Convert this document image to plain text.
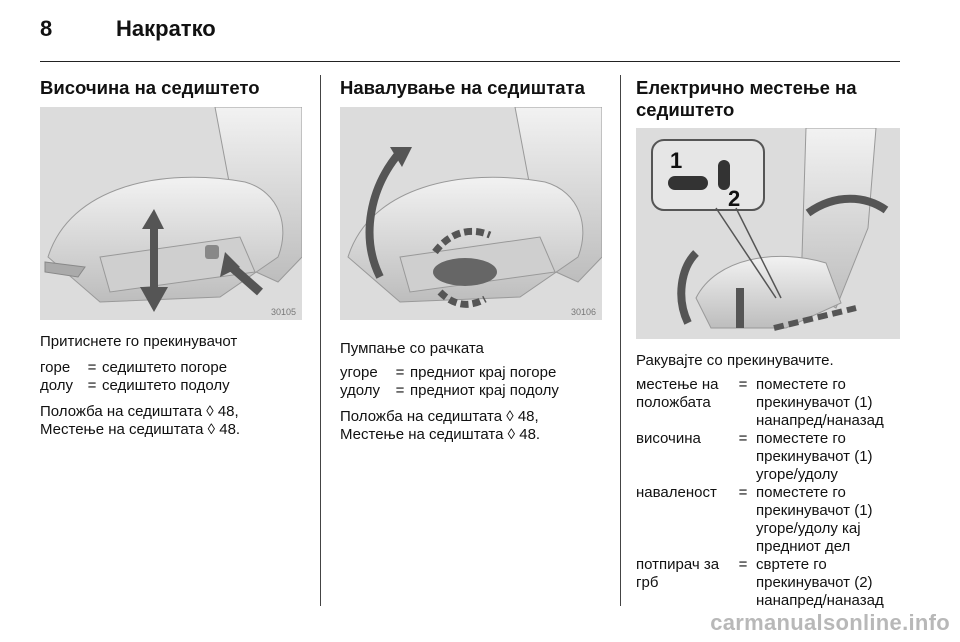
8	Накратко
Височина на седиштето
30105

Притиснете го прекинувачот

горе	=	седиштето погоре
долу	=	седиштето подолу

Положба на седиштата ◊ 48,

Местење на седиштата ◊ 48.

Навалување на седиштата
30106

Пумпање со рачката

угоре	=	предниот крај погоре
удолу	=	предниот крај подолу

Положба на седиштата ◊ 48,

Местење на седиштата ◊ 48.

Електрично местење на
седиштето
1
2

Ракувајте со прекинувачите.

местење на
положбата	=	поместете го
прекинувачот (1)
нанапред/наназад
височина	=	поместете го
прекинувачот (1)
угоре/удолу
наваленост	=	поместете го
прекинувачот (1)
угоре/удолу кај
предниот дел
потпирач за
грб	=	свртете го
прекинувачот (2)
нанапред/наназад
carmanualsonline.info
